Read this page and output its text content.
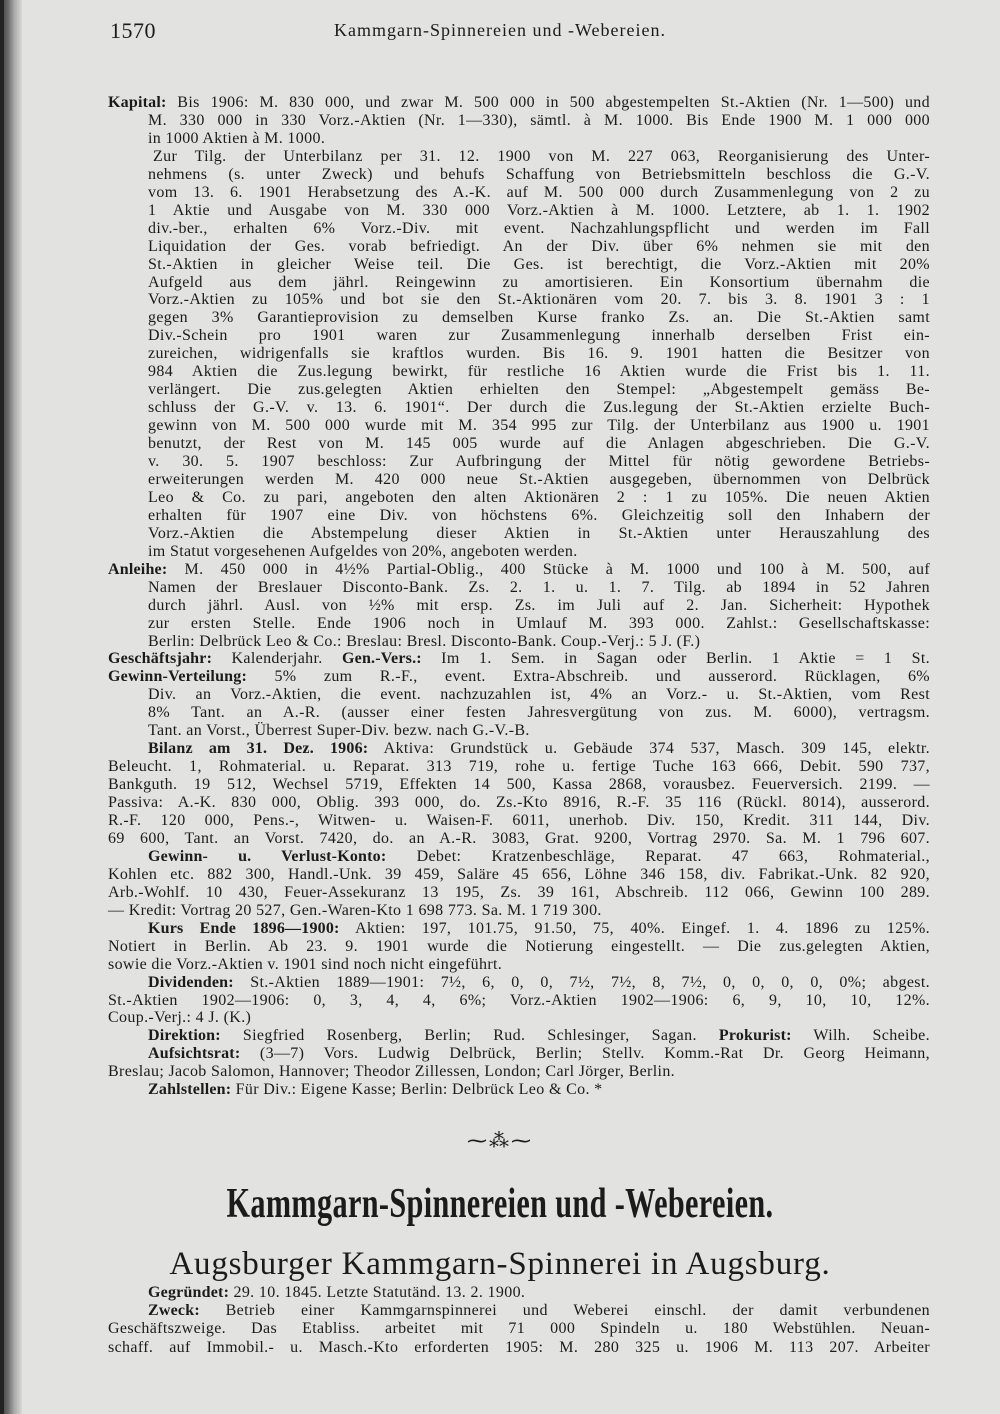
1570	Kammgarn-Spinnereien und -Webereien.
Kapital: Bis 1906: M. 830 000, und zwar M. 500 000 in 500 abgestempelten St.-Aktien (Nr. 1—500) und
M. 330 000 in 330 Vorz.-Aktien (Nr. 1—330), sämtl. à M. 1000. Bis Ende 1900 M. 1 000 000
in 1000 Aktien à M. 1000.
Zur Tilg. der Unterbilanz per 31. 12. 1900 von M. 227 063, Reorganisierung des Unter-
nehmens (s. unter Zweck) und behufs Schaffung von Betriebsmitteln beschloss die G.-V.
vom 13. 6. 1901 Herabsetzung des A.-K. auf M. 500 000 durch Zusammenlegung von 2 zu
1 Aktie und Ausgabe von M. 330 000 Vorz.-Aktien à M. 1000. Letztere, ab 1. 1. 1902
div.-ber., erhalten 6% Vorz.-Div. mit event. Nachzahlungspflicht und werden im Fall
Liquidation der Ges. vorab befriedigt. An der Div. über 6% nehmen sie mit den
St.-Aktien in gleicher Weise teil. Die Ges. ist berechtigt, die Vorz.-Aktien mit 20%
Aufgeld aus dem jährl. Reingewinn zu amortisieren. Ein Konsortium übernahm die
Vorz.-Aktien zu 105% und bot sie den St.-Aktionären vom 20. 7. bis 3. 8. 1901 3 : 1
gegen 3% Garantieprovision zu demselben Kurse franko Zs. an. Die St.-Aktien samt
Div.-Schein pro 1901 waren zur Zusammenlegung innerhalb derselben Frist ein-
zureichen, widrigenfalls sie kraftlos wurden. Bis 16. 9. 1901 hatten die Besitzer von
984 Aktien die Zus.legung bewirkt, für restliche 16 Aktien wurde die Frist bis 1. 11.
verlängert. Die zus.gelegten Aktien erhielten den Stempel: „Abgestempelt gemäss Be-
schluss der G.-V. v. 13. 6. 1901“. Der durch die Zus.legung der St.-Aktien erzielte Buch-
gewinn von M. 500 000 wurde mit M. 354 995 zur Tilg. der Unterbilanz aus 1900 u. 1901
benutzt, der Rest von M. 145 005 wurde auf die Anlagen abgeschrieben. Die G.-V.
v. 30. 5. 1907 beschloss: Zur Aufbringung der Mittel für nötig gewordene Betriebs-
erweiterungen werden M. 420 000 neue St.-Aktien ausgegeben, übernommen von Delbrück
Leo & Co. zu pari, angeboten den alten Aktionären 2 : 1 zu 105%. Die neuen Aktien
erhalten für 1907 eine Div. von höchstens 6%. Gleichzeitig soll den Inhabern der
Vorz.-Aktien die Abstempelung dieser Aktien in St.-Aktien unter Herauszahlung des
im Statut vorgesehenen Aufgeldes von 20%, angeboten werden.
Anleihe: M. 450 000 in 4½% Partial-Oblig., 400 Stücke à M. 1000 und 100 à M. 500, auf
Namen der Breslauer Disconto-Bank. Zs. 2. 1. u. 1. 7. Tilg. ab 1894 in 52 Jahren
durch jährl. Ausl. von ½% mit ersp. Zs. im Juli auf 2. Jan. Sicherheit: Hypothek
zur ersten Stelle. Ende 1906 noch in Umlauf M. 393 000. Zahlst.: Gesellschaftskasse:
Berlin: Delbrück Leo & Co.: Breslau: Bresl. Disconto-Bank. Coup.-Verj.: 5 J. (F.)
Geschäftsjahr: Kalenderjahr. Gen.-Vers.: Im 1. Sem. in Sagan oder Berlin. 1 Aktie = 1 St.
Gewinn-Verteilung: 5% zum R.-F., event. Extra-Abschreib. und ausserord. Rücklagen, 6%
Div. an Vorz.-Aktien, die event. nachzuzahlen ist, 4% an Vorz.- u. St.-Aktien, vom Rest
8% Tant. an A.-R. (ausser einer festen Jahresvergütung von zus. M. 6000), vertragsm.
Tant. an Vorst., Überrest Super-Div. bezw. nach G.-V.-B.
Bilanz am 31. Dez. 1906: Aktiva: Grundstück u. Gebäude 374 537, Masch. 309 145, elektr.
Beleucht. 1, Rohmaterial. u. Reparat. 313 719, rohe u. fertige Tuche 163 666, Debit. 590 737,
Bankguth. 19 512, Wechsel 5719, Effekten 14 500, Kassa 2868, vorausbez. Feuerversich. 2199. —
Passiva: A.-K. 830 000, Oblig. 393 000, do. Zs.-Kto 8916, R.-F. 35 116 (Rückl. 8014), ausserord.
R.-F. 120 000, Pens.-, Witwen- u. Waisen-F. 6011, unerhob. Div. 150, Kredit. 311 144, Div.
69 600, Tant. an Vorst. 7420, do. an A.-R. 3083, Grat. 9200, Vortrag 2970. Sa. M. 1 796 607.
Gewinn- u. Verlust-Konto: Debet: Kratzenbeschläge, Reparat. 47 663, Rohmaterial.,
Kohlen etc. 882 300, Handl.-Unk. 39 459, Saläre 45 656, Löhne 346 158, div. Fabrikat.-Unk. 82 920,
Arb.-Wohlf. 10 430, Feuer-Assekuranz 13 195, Zs. 39 161, Abschreib. 112 066, Gewinn 100 289.
— Kredit: Vortrag 20 527, Gen.-Waren-Kto 1 698 773. Sa. M. 1 719 300.
Kurs Ende 1896—1900: Aktien: 197, 101.75, 91.50, 75, 40%. Eingef. 1. 4. 1896 zu 125%.
Notiert in Berlin. Ab 23. 9. 1901 wurde die Notierung eingestellt. — Die zus.gelegten Aktien,
sowie die Vorz.-Aktien v. 1901 sind noch nicht eingeführt.
Dividenden: St.-Aktien 1889—1901: 7½, 6, 0, 0, 7½, 7½, 8, 7½, 0, 0, 0, 0, 0%; abgest.
St.-Aktien 1902—1906: 0, 3, 4, 4, 6%; Vorz.-Aktien 1902—1906: 6, 9, 10, 10, 12%.
Coup.-Verj.: 4 J. (K.)
Direktion: Siegfried Rosenberg, Berlin; Rud. Schlesinger, Sagan. Prokurist: Wilh. Scheibe.
Aufsichtsrat: (3—7) Vors. Ludwig Delbrück, Berlin; Stellv. Komm.-Rat Dr. Georg Heimann,
Breslau; Jacob Salomon, Hannover; Theodor Zillessen, London; Carl Jörger, Berlin.
Zahlstellen: Für Div.: Eigene Kasse; Berlin: Delbrück Leo & Co. *
⁓⁂⁓
Kammgarn-Spinnereien und -Webereien.
Augsburger Kammgarn-Spinnerei in Augsburg.
Gegründet: 29. 10. 1845. Letzte Statutänd. 13. 2. 1900.
Zweck: Betrieb einer Kammgarnspinnerei und Weberei einschl. der damit verbundenen
Geschäftszweige. Das Etabliss. arbeitet mit 71 000 Spindeln u. 180 Webstühlen. Neuan-
schaff. auf Immobil.- u. Masch.-Kto erforderten 1905: M. 280 325 u. 1906 M. 113 207. Arbeiter
